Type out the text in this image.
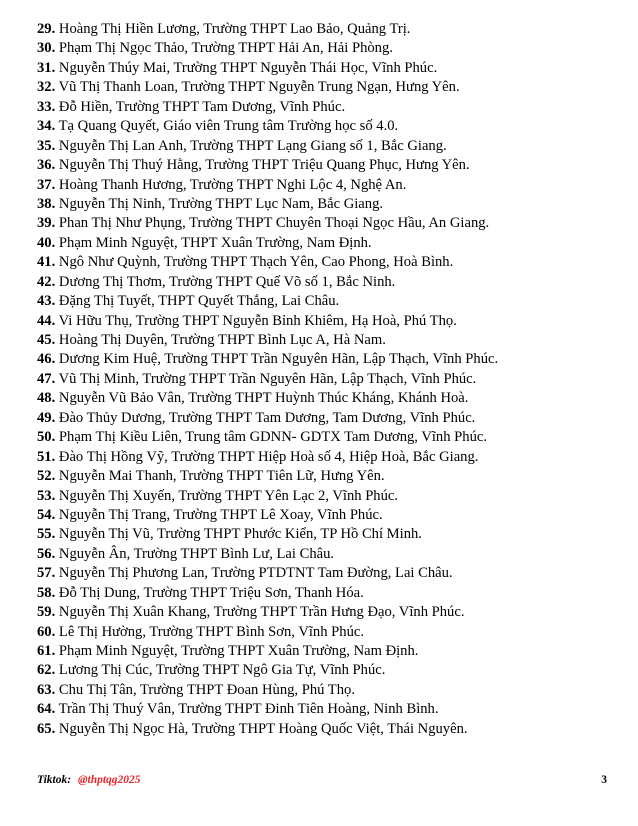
29. Hoàng Thị Hiền Lương, Trường THPT Lao Bảo, Quảng Trị.
30. Phạm Thị Ngọc Thảo, Trường THPT Hải An, Hải Phòng.
31. Nguyễn Thúy Mai, Trường THPT Nguyễn Thái Học, Vĩnh Phúc.
32. Vũ Thị Thanh Loan, Trường THPT Nguyễn Trung Ngạn, Hưng Yên.
33. Đỗ Hiền, Trường THPT Tam Dương, Vĩnh Phúc.
34. Tạ Quang Quyết, Giáo viên Trung tâm Trường học số 4.0.
35. Nguyễn Thị Lan Anh, Trường THPT Lạng Giang số 1, Bắc Giang.
36. Nguyễn Thị Thuý Hằng, Trường THPT Triệu Quang Phục, Hưng Yên.
37. Hoàng Thanh Hương, Trường THPT Nghi Lộc 4, Nghệ An.
38. Nguyễn Thị Ninh, Trường THPT Lục Nam, Bắc Giang.
39. Phan Thị Như Phụng, Trường THPT Chuyên Thoại Ngọc Hầu, An Giang.
40. Phạm Minh Nguyệt, THPT Xuân Trường, Nam Định.
41. Ngô Như Quỳnh, Trường THPT Thạch Yên, Cao Phong, Hoà Bình.
42. Dương Thị Thơm, Trường THPT Quế Võ số 1, Bắc Ninh.
43. Đặng Thị Tuyết, THPT Quyết Thắng, Lai Châu.
44. Vi Hữu Thụ, Trường THPT Nguyễn Bỉnh Khiêm, Hạ Hoà, Phú Thọ.
45. Hoàng Thị Duyên, Trường THPT Bình Lục A, Hà Nam.
46. Dương Kim Huệ, Trường THPT Trần Nguyên Hãn, Lập Thạch, Vĩnh Phúc.
47. Vũ Thị Minh, Trường THPT Trần Nguyên Hãn, Lập Thạch, Vĩnh Phúc.
48. Nguyễn Vũ Bảo Vân, Trường THPT Huỳnh Thúc Kháng, Khánh Hoà.
49. Đào Thủy Dương, Trường THPT Tam Dương, Tam Dương, Vĩnh Phúc.
50. Phạm Thị Kiều Liên, Trung tâm GDNN- GDTX Tam Dương, Vĩnh Phúc.
51. Đào Thị Hồng Vỹ, Trường THPT Hiệp Hoà số 4, Hiệp Hoà, Bắc Giang.
52. Nguyễn Mai Thanh, Trường THPT Tiên Lữ, Hưng Yên.
53. Nguyễn Thị Xuyến, Trường THPT Yên Lạc 2, Vĩnh Phúc.
54. Nguyễn Thị Trang, Trường THPT Lê Xoay, Vĩnh Phúc.
55. Nguyễn Thị Vũ, Trường THPT Phước Kiển, TP Hồ Chí Minh.
56. Nguyễn Ân, Trường THPT Bình Lư, Lai Châu.
57. Nguyễn Thị Phương Lan, Trường PTDTNT Tam Đường, Lai Châu.
58. Đỗ Thị Dung, Trường THPT Triệu Sơn, Thanh Hóa.
59. Nguyễn Thị Xuân Khang, Trường THPT Trần Hưng Đạo, Vĩnh Phúc.
60. Lê Thị Hường, Trường THPT Bình Sơn, Vĩnh Phúc.
61. Phạm Minh Nguyệt, Trường THPT Xuân Trường, Nam Định.
62. Lương Thị Cúc, Trường THPT Ngô Gia Tự, Vĩnh Phúc.
63. Chu Thị Tân, Trường THPT Đoan Hùng, Phú Thọ.
64. Trần Thị Thuý Vân, Trường THPT Đinh Tiên Hoàng, Ninh Bình.
65. Nguyễn Thị Ngọc Hà, Trường THPT Hoàng Quốc Việt, Thái Nguyên.
Tiktok: @thptqg2025	3
